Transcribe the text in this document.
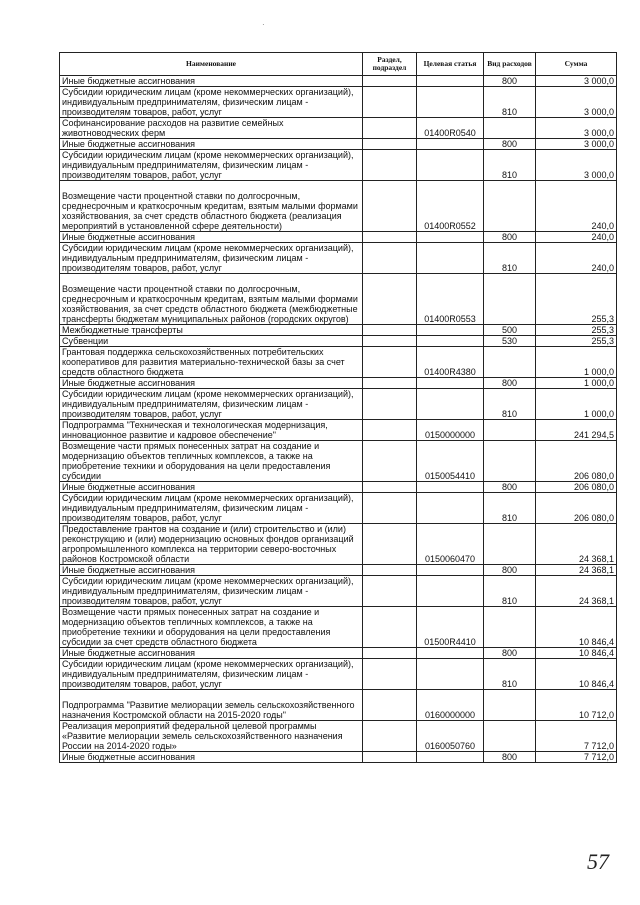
·
Наименование	Раздел, подраздел	Целевая статья	Вид расходов	Сумма
Иные бюджетные ассигнования			800	3 000,0
Субсидии юридическим лицам (кроме некоммерческих организаций), индивидуальным предпринимателям, физическим лицам - производителям товаров, работ, услуг			810	3 000,0
Софинансирование расходов на развитие семейных животноводческих ферм		01400R0540		3 000,0
Иные бюджетные ассигнования			800	3 000,0
Субсидии юридическим лицам (кроме некоммерческих организаций), индивидуальным предпринимателям, физическим лицам - производителям товаров, работ, услуг			810	3 000,0
Возмещение части процентной ставки по долгосрочным, среднесрочным и краткосрочным кредитам, взятым малыми формами хозяйствования, за счет средств областного бюджета (реализация мероприятий в установленной сфере деятельности)		01400R0552		240,0
Иные бюджетные ассигнования			800	240,0
Субсидии юридическим лицам (кроме некоммерческих организаций), индивидуальным предпринимателям, физическим лицам - производителям товаров, работ, услуг			810	240,0
Возмещение части процентной ставки по долгосрочным, среднесрочным и краткосрочным кредитам, взятым малыми формами хозяйствования, за счет средств областного бюджета (межбюджетные трансферты бюджетам муниципальных районов (городских округов)		01400R0553		255,3
Межбюджетные трансферты			500	255,3
Субвенции			530	255,3
Грантовая поддержка сельскохозяйственных потребительских кооперативов для развития материально-технической базы за счет средств областного бюджета		01400R4380		1 000,0
Иные бюджетные ассигнования			800	1 000,0
Субсидии юридическим лицам (кроме некоммерческих организаций), индивидуальным предпринимателям, физическим лицам - производителям товаров, работ, услуг			810	1 000,0
Подпрограмма "Техническая и технологическая модернизация, инновационное развитие и кадровое обеспечение"		0150000000		241 294,5
Возмещение части прямых понесенных затрат на создание и модернизацию объектов тепличных комплексов, а также на приобретение техники и оборудования на цели предоставления субсидии		0150054410		206 080,0
Иные бюджетные ассигнования			800	206 080,0
Субсидии юридическим лицам (кроме некоммерческих организаций), индивидуальным предпринимателям, физическим лицам - производителям товаров, работ, услуг			810	206 080,0
Предоставление грантов на создание и (или) строительство и (или) реконструкцию и (или) модернизацию основных фондов организаций агропромышленного комплекса на территории северо-восточных районов Костромской области		0150060470		24 368,1
Иные бюджетные ассигнования			800	24 368,1
Субсидии юридическим лицам (кроме некоммерческих организаций), индивидуальным предпринимателям, физическим лицам - производителям товаров, работ, услуг			810	24 368,1
Возмещение части прямых понесенных затрат на создание и модернизацию объектов тепличных комплексов, а также на приобретение техники и оборудования на цели предоставления субсидии за счет средств областного бюджета		01500R4410		10 846,4
Иные бюджетные ассигнования			800	10 846,4
Субсидии юридическим лицам (кроме некоммерческих организаций), индивидуальным предпринимателям, физическим лицам - производителям товаров, работ, услуг			810	10 846,4
Подпрограмма "Развитие мелиорации земель сельскохозяйственного назначения Костромской области на 2015-2020 годы"		0160000000		10 712,0
Реализация мероприятий федеральной целевой программы «Развитие мелиорации земель сельскохозяйственного назначения России на 2014-2020 годы»		0160050760		7 712,0
Иные бюджетные ассигнования			800	7 712,0
57
